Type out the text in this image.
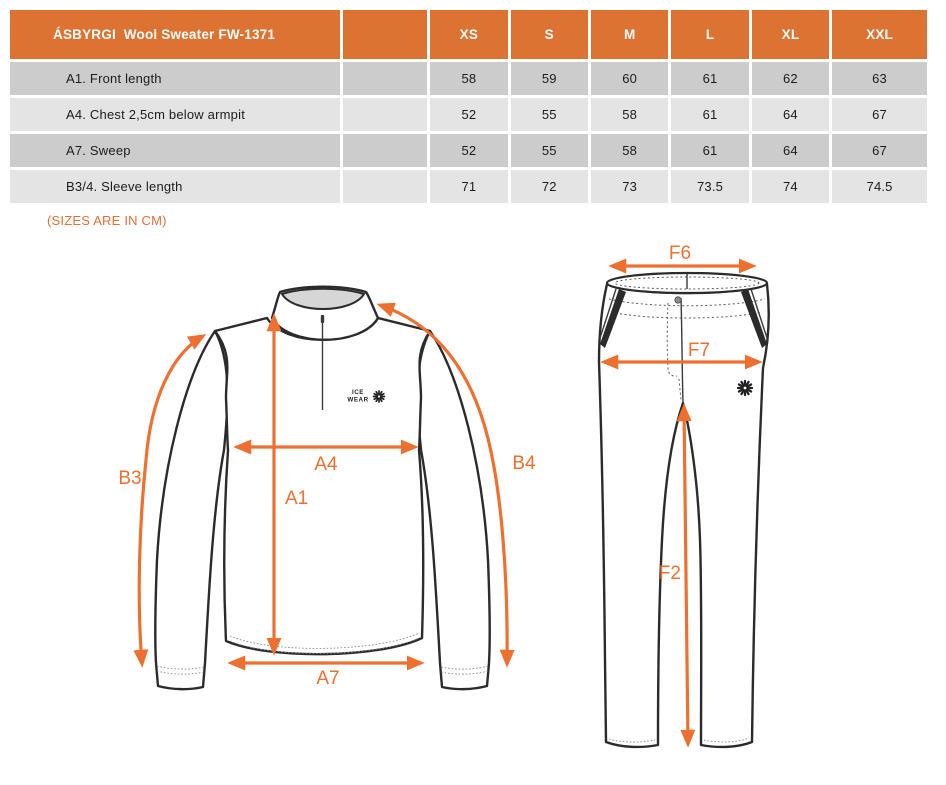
ÁSBYRGI  Wool Sweater FW-1371		XS	S	M	L	XL	XXL
A1. Front length		58	59	60	61	62	63
A4. Chest 2,5cm below armpit		52	55	58	61	64	67
A7. Sweep		52	55	58	61	64	67
B3/4. Sleeve length		71	72	73	73.5	74	74.5
(SIZES ARE IN CM)
ICE
WEAR
A1
A4
A7
B3
B4
F6
F7
F2
